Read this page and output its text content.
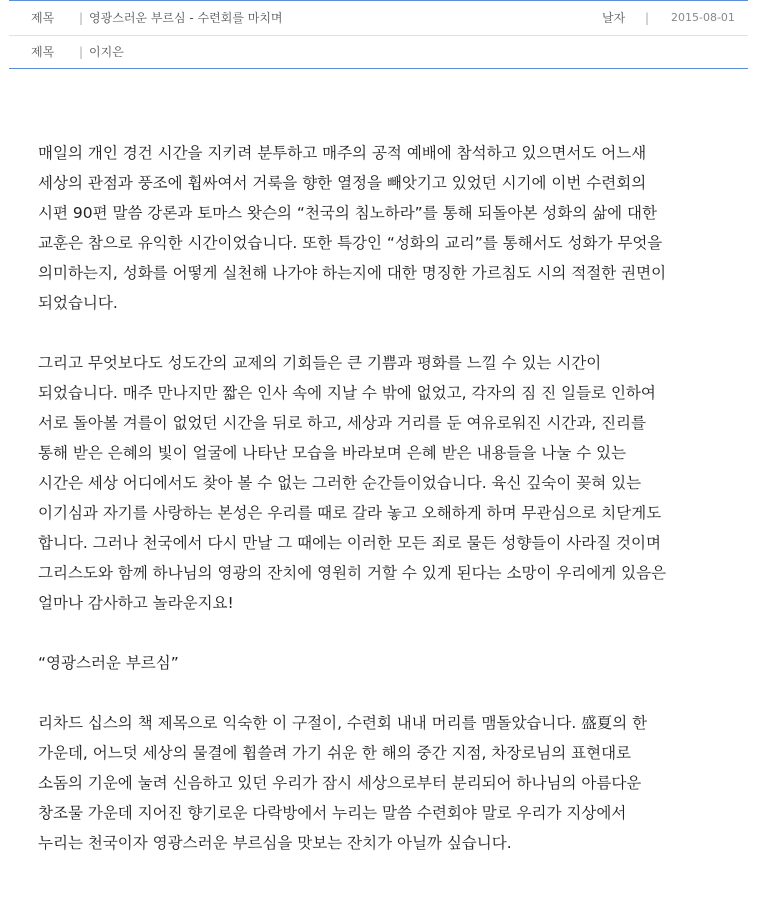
제목 | 영광스러운 부르심 - 수련회를 마치며	날자 |	2015-08-01
제목 | 이지은

매일의 개인 경건 시간을 지키려 분투하고 매주의 공적 예배에 참석하고 있으면서도 어느새
세상의 관점과 풍조에 휩싸여서 거룩을 향한 열정을 빼앗기고 있었던 시기에 이번 수련회의
시편 90편 말씀 강론과 토마스 왓슨의 “천국의 침노하라”를 통해 되돌아본 성화의 삶에 대한
교훈은 참으로 유익한 시간이었습니다. 또한 특강인 “성화의 교리”를 통해서도 성화가 무엇을
의미하는지, 성화를 어떻게 실천해 나가야 하는지에 대한 명징한 가르침도 시의 적절한 권면이
되었습니다.

그리고 무엇보다도 성도간의 교제의 기회들은 큰 기쁨과 평화를 느낄 수 있는 시간이
되었습니다. 매주 만나지만 짧은 인사 속에 지날 수 밖에 없었고, 각자의 짐 진 일들로 인하여
서로 돌아볼 겨를이 없었던 시간을 뒤로 하고, 세상과 거리를 둔 여유로워진 시간과, 진리를
통해 받은 은혜의 빛이 얼굴에 나타난 모습을 바라보며 은혜 받은 내용들을 나눌 수 있는
시간은 세상 어디에서도 찾아 볼 수 없는 그러한 순간들이었습니다. 육신 깊숙이 꽂혀 있는
이기심과 자기를 사랑하는 본성은 우리를 때로 갈라 놓고 오해하게 하며 무관심으로 치닫게도
합니다. 그러나 천국에서 다시 만날 그 때에는 이러한 모든 죄로 물든 성향들이 사라질 것이며
그리스도와 함께 하나님의 영광의 잔치에 영원히 거할 수 있게 된다는 소망이 우리에게 있음은
얼마나 감사하고 놀라운지요!

“영광스러운 부르심”

리차드 십스의 책 제목으로 익숙한 이 구절이, 수련회 내내 머리를 맴돌았습니다. 盛夏의 한
가운데, 어느덧 세상의 물결에 휩쓸려 가기 쉬운 한 해의 중간 지점, 차장로님의 표현대로
소돔의 기운에 눌려 신음하고 있던 우리가 잠시 세상으로부터 분리되어 하나님의 아름다운
창조물 가운데 지어진 향기로운 다락방에서 누리는 말씀 수련회야 말로 우리가 지상에서
누리는 천국이자 영광스러운 부르심을 맛보는 잔치가 아닐까 싶습니다.
